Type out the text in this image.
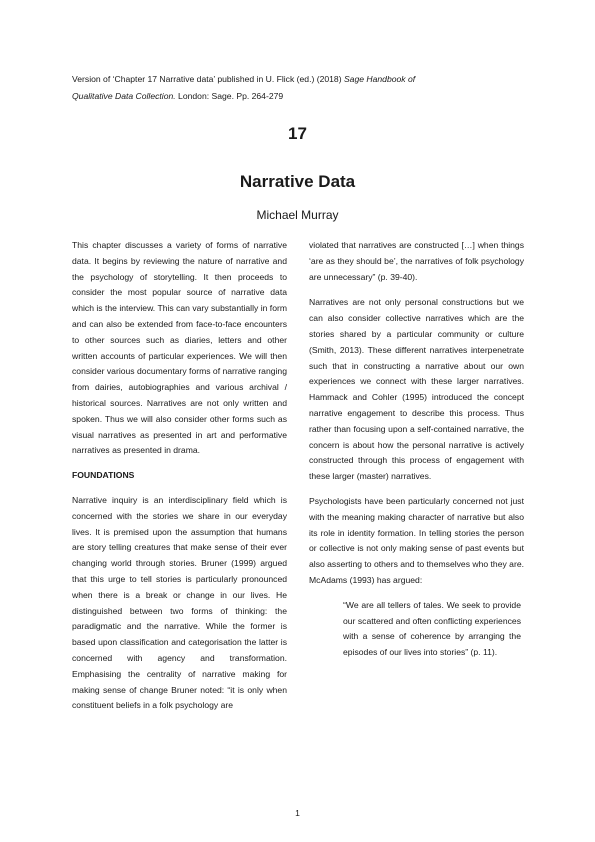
Version of ‘Chapter 17 Narrative data’ published in U. Flick (ed.) (2018) Sage Handbook of
Qualitative Data Collection. London: Sage. Pp. 264-279

17
Narrative Data

Michael Murray

This chapter discusses a variety of forms of narrative data. It begins by reviewing the nature of narrative and the psychology of storytelling. It then proceeds to consider the most popular source of narrative data which is the interview. This can vary substantially in form and can also be extended from face-to-face encounters to other sources such as diaries, letters and other written accounts of particular experiences. We will then consider various documentary forms of narrative ranging from dairies, autobiographies and various archival / historical sources. Narratives are not only written and spoken. Thus we will also consider other forms such as visual narratives as presented in art and performative narratives as presented in drama.

FOUNDATIONS

Narrative inquiry is an interdisciplinary field which is concerned with the stories we share in our everyday lives. It is premised upon the assumption that humans are story telling creatures that make sense of their ever changing world through stories. Bruner (1999) argued that this urge to tell stories is particularly pronounced when there is a break or change in our lives. He distinguished between two forms of thinking: the paradigmatic and the narrative. While the former is based upon classification and categorisation the latter is concerned with agency and transformation. Emphasising the centrality of narrative making for making sense of change Bruner noted: “it is only when constituent beliefs in a folk psychology are

violated that narratives are constructed […] when things ‘are as they should be’, the narratives of folk psychology are unnecessary” (p. 39-40).

Narratives are not only personal constructions but we can also consider collective narratives which are the stories shared by a particular community or culture (Smith, 2013). These different narratives interpenetrate such that in constructing a narrative about our own experiences we connect with these larger narratives. Hammack and Cohler (1995) introduced the concept narrative engagement to describe this process. Thus rather than focusing upon a self-contained narrative, the concern is about how the personal narrative is actively constructed through this process of engagement with these larger (master) narratives.

Psychologists have been particularly concerned not just with the meaning making character of narrative but also its role in identity formation. In telling stories the person or collective is not only making sense of past events but also asserting to others and to themselves who they are. McAdams (1993) has argued:

“We are all tellers of tales. We seek to provide our scattered and often conflicting experiences with a sense of coherence by arranging the episodes of our lives into stories” (p. 11).

1
